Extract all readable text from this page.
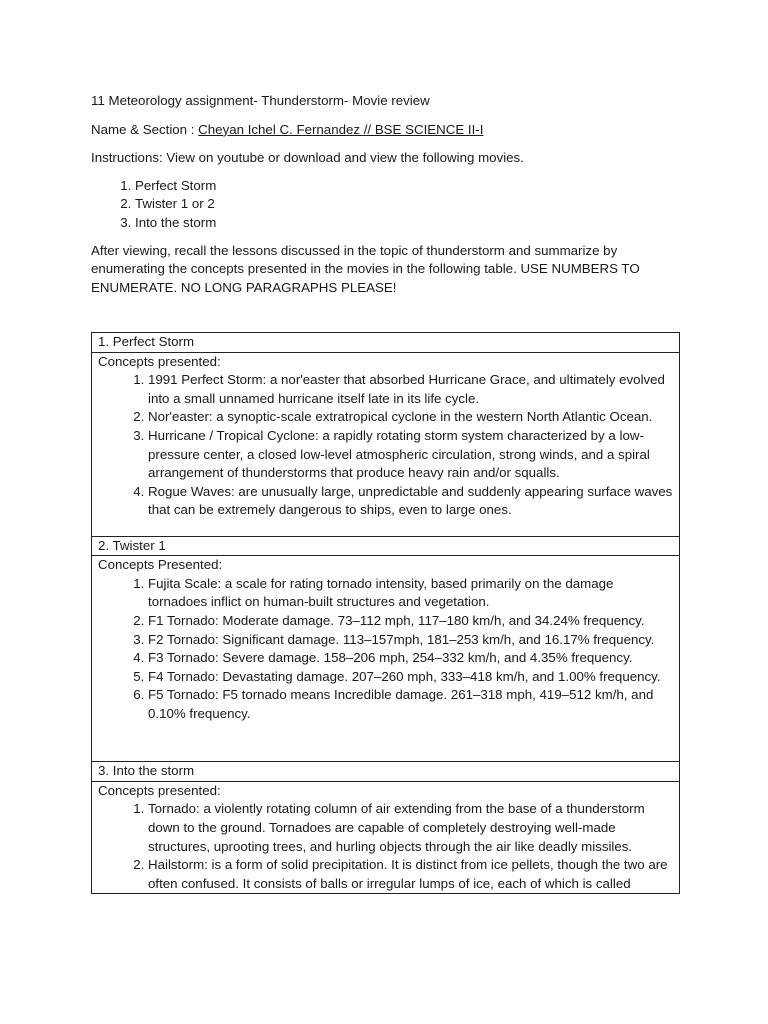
11 Meteorology assignment- Thunderstorm- Movie review

Name & Section : Cheyan Ichel C. Fernandez // BSE SCIENCE II-I

Instructions: View on youtube or download and view the following movies.

1. Perfect Storm
2. Twister 1 or 2
3. Into the storm

After viewing, recall the lessons discussed in the topic of thunderstorm and summarize by enumerating the concepts presented in the movies in the following table. USE NUMBERS TO ENUMERATE. NO LONG PARAGRAPHS PLEASE!

1. Perfect Storm

Concepts presented:

1. 1991 Perfect Storm: a nor'easter that absorbed Hurricane Grace, and ultimately evolved into a small unnamed hurricane itself late in its life cycle.
2. Nor'easter: a synoptic-scale extratropical cyclone in the western North Atlantic Ocean.
3. Hurricane / Tropical Cyclone: a rapidly rotating storm system characterized by a low-pressure center, a closed low-level atmospheric circulation, strong winds, and a spiral arrangement of thunderstorms that produce heavy rain and/or squalls.
4. Rogue Waves: are unusually large, unpredictable and suddenly appearing surface waves that can be extremely dangerous to ships, even to large ones.

2. Twister 1

Concepts Presented:

1. Fujita Scale: a scale for rating tornado intensity, based primarily on the damage tornadoes inflict on human-built structures and vegetation.
2. F1 Tornado: Moderate damage. 73–112 mph, 117–180 km/h, and 34.24% frequency.
3. F2 Tornado: Significant damage. 113–157mph, 181–253 km/h, and 16.17% frequency.
4. F3 Tornado: Severe damage. 158–206 mph, 254–332 km/h, and 4.35% frequency.
5. F4 Tornado: Devastating damage. 207–260 mph, 333–418 km/h, and 1.00% frequency.
6. F5 Tornado: F5 tornado means Incredible damage. 261–318 mph, 419–512 km/h, and 0.10% frequency.

3. Into the storm

Concepts presented:

1. Tornado: a violently rotating column of air extending from the base of a thunderstorm down to the ground. Tornadoes are capable of completely destroying well-made structures, uprooting trees, and hurling objects through the air like deadly missiles.
2. Hailstorm: is a form of solid precipitation. It is distinct from ice pellets, though the two are often confused. It consists of balls or irregular lumps of ice, each of which is called
